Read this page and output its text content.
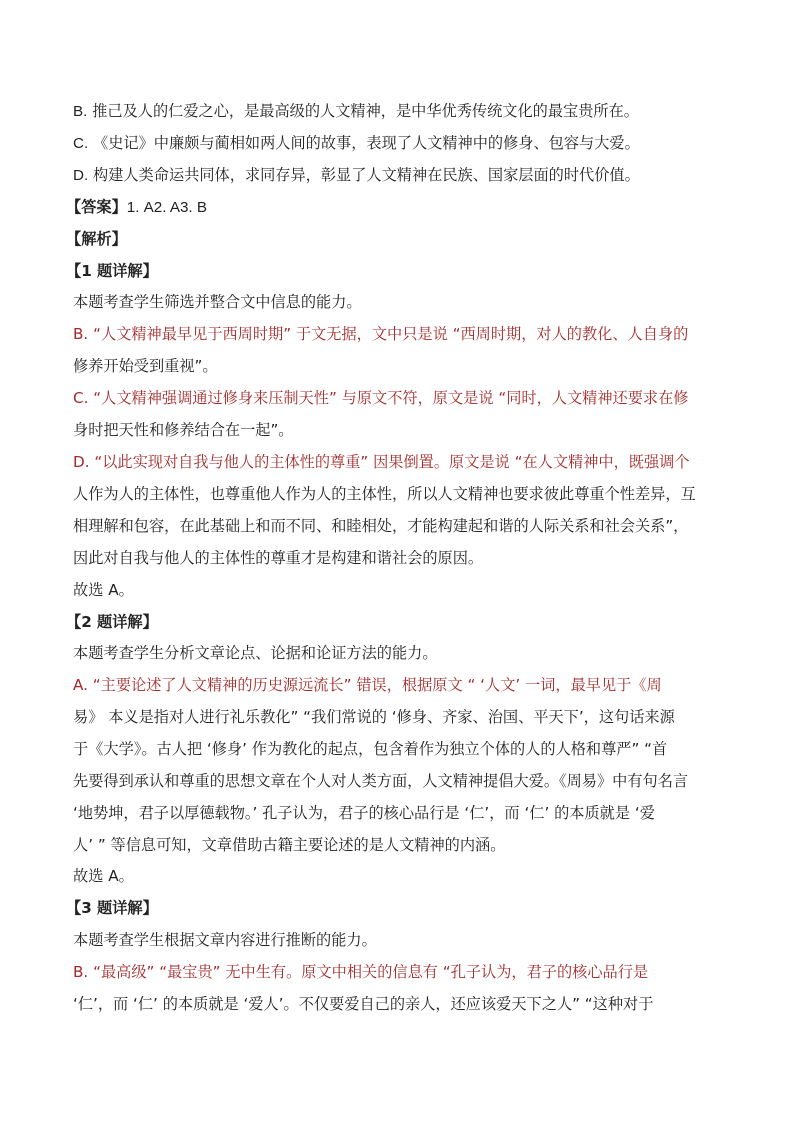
B. 推己及人的仁爱之心，是最高级的人文精神，是中华优秀传统文化的最宝贵所在。
C. 《史记》中廉颇与蔺相如两人间的故事，表现了人文精神中的修身、包容与大爱。
D. 构建人类命运共同体，求同存异，彰显了人文精神在民族、国家层面的时代价值。
【答案】1. A2. A3. B
【解析】
【1 题详解】
本题考查学生筛选并整合文中信息的能力。
B. “人文精神最早见于西周时期” 于文无据，文中只是说 “西周时期，对人的教化、人自身的
修养开始受到重视”。
C. “人文精神强调通过修身来压制天性” 与原文不符，原文是说 “同时，人文精神还要求在修
身时把天性和修养结合在一起”。
D. “以此实现对自我与他人的主体性的尊重” 因果倒置。原文是说 “在人文精神中，既强调个
人作为人的主体性，也尊重他人作为人的主体性，所以人文精神也要求彼此尊重个性差异，互
相理解和包容，在此基础上和而不同、和睦相处，才能构建起和谐的人际关系和社会关系”，
因此对自我与他人的主体性的尊重才是构建和谐社会的原因。
故选 A。
【2 题详解】
本题考查学生分析文章论点、论据和论证方法的能力。
A. “主要论述了人文精神的历史源远流长” 错误，根据原文 “ ‘人文’ 一词，最早见于《周
易》 本义是指对人进行礼乐教化” “我们常说的 ‘修身、齐家、治国、平天下’，这句话来源
于《大学》。古人把 ‘修身’ 作为教化的起点，包含着作为独立个体的人的人格和尊严” “首
先要得到承认和尊重的思想文章在个人对人类方面，人文精神提倡大爱。《周易》中有句名言
‘地势坤，君子以厚德载物。’ 孔子认为，君子的核心品行是 ‘仁’，而 ‘仁’ 的本质就是 ‘爱
人’ ” 等信息可知，文章借助古籍主要论述的是人文精神的内涵。
故选 A。
【3 题详解】
本题考查学生根据文章内容进行推断的能力。
B. “最高级” “最宝贵” 无中生有。原文中相关的信息有 “孔子认为，君子的核心品行是
‘仁’，而 ‘仁’ 的本质就是 ‘爱人’。不仅要爱自己的亲人，还应该爱天下之人” “这种对于
